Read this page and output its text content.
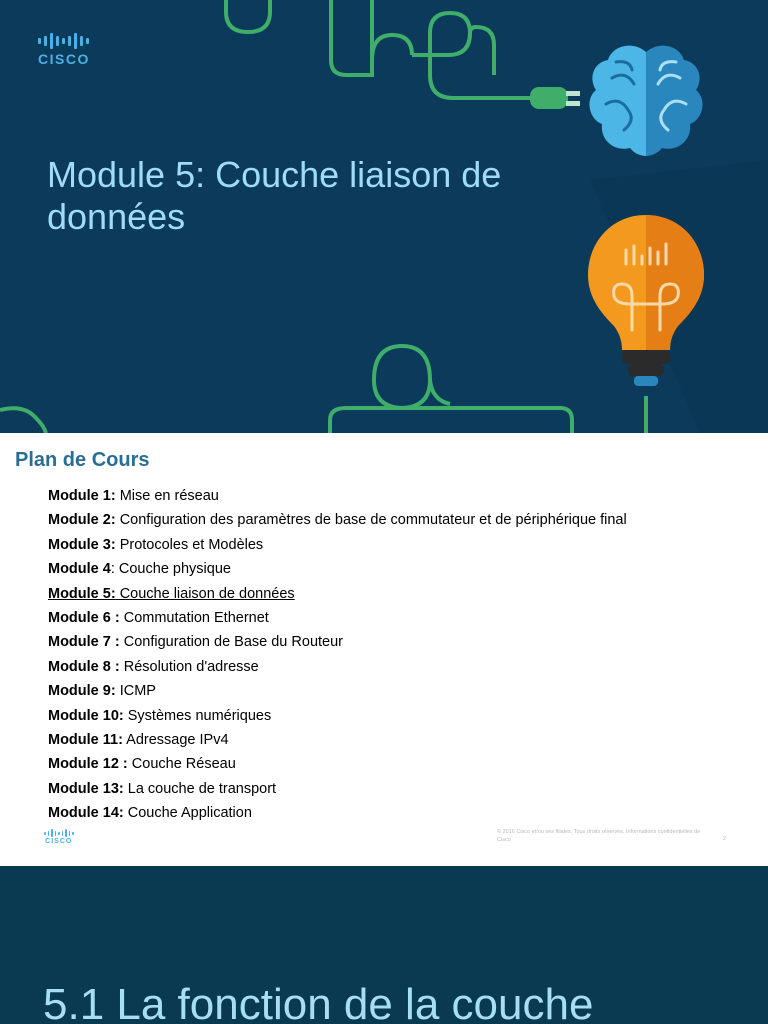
CISCO
Module 5: Couche liaison de données
Plan de Cours
Module 1: Mise en réseau
Module 2: Configuration des paramètres de base de commutateur et de périphérique final
Module 3: Protocoles et Modèles
Module 4: Couche physique
Module 5: Couche liaison de données
Module 6 : Commutation Ethernet
Module 7 : Configuration de Base du Routeur
Module 8 : Résolution d'adresse
Module 9: ICMP
Module 10: Systèmes numériques
Module 11: Adressage IPv4
Module 12 : Couche Réseau
Module 13: La couche de transport
Module 14: Couche Application
CISCO
© 2016 Cisco et/ou ses filiales. Tous droits réservés. Informations confidentielles de Cisco	2
5.1 La fonction de la couche
